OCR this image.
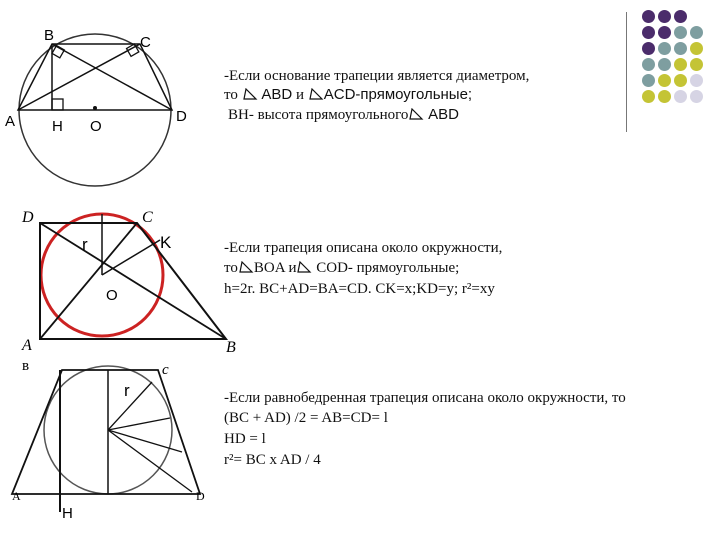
B	C
A	D
H O
-Если основание трапеции является диаметром,
то ABD и ACD-прямоугольные;
BH- высота прямоугольного ABD
D	C
A	B
r	K
O
-Если трапеция описана около окружности,
то BOA и COD- прямоугольные;
h=2r. BC+AD=BA=CD. CK=x;KD=y; r²=xy
в	c
A	D
r
H
-Если равнобедренная трапеция описана около окружности, то
(BC + AD) /2 = AB=CD= l
HD = l
r²= BC x AD / 4
